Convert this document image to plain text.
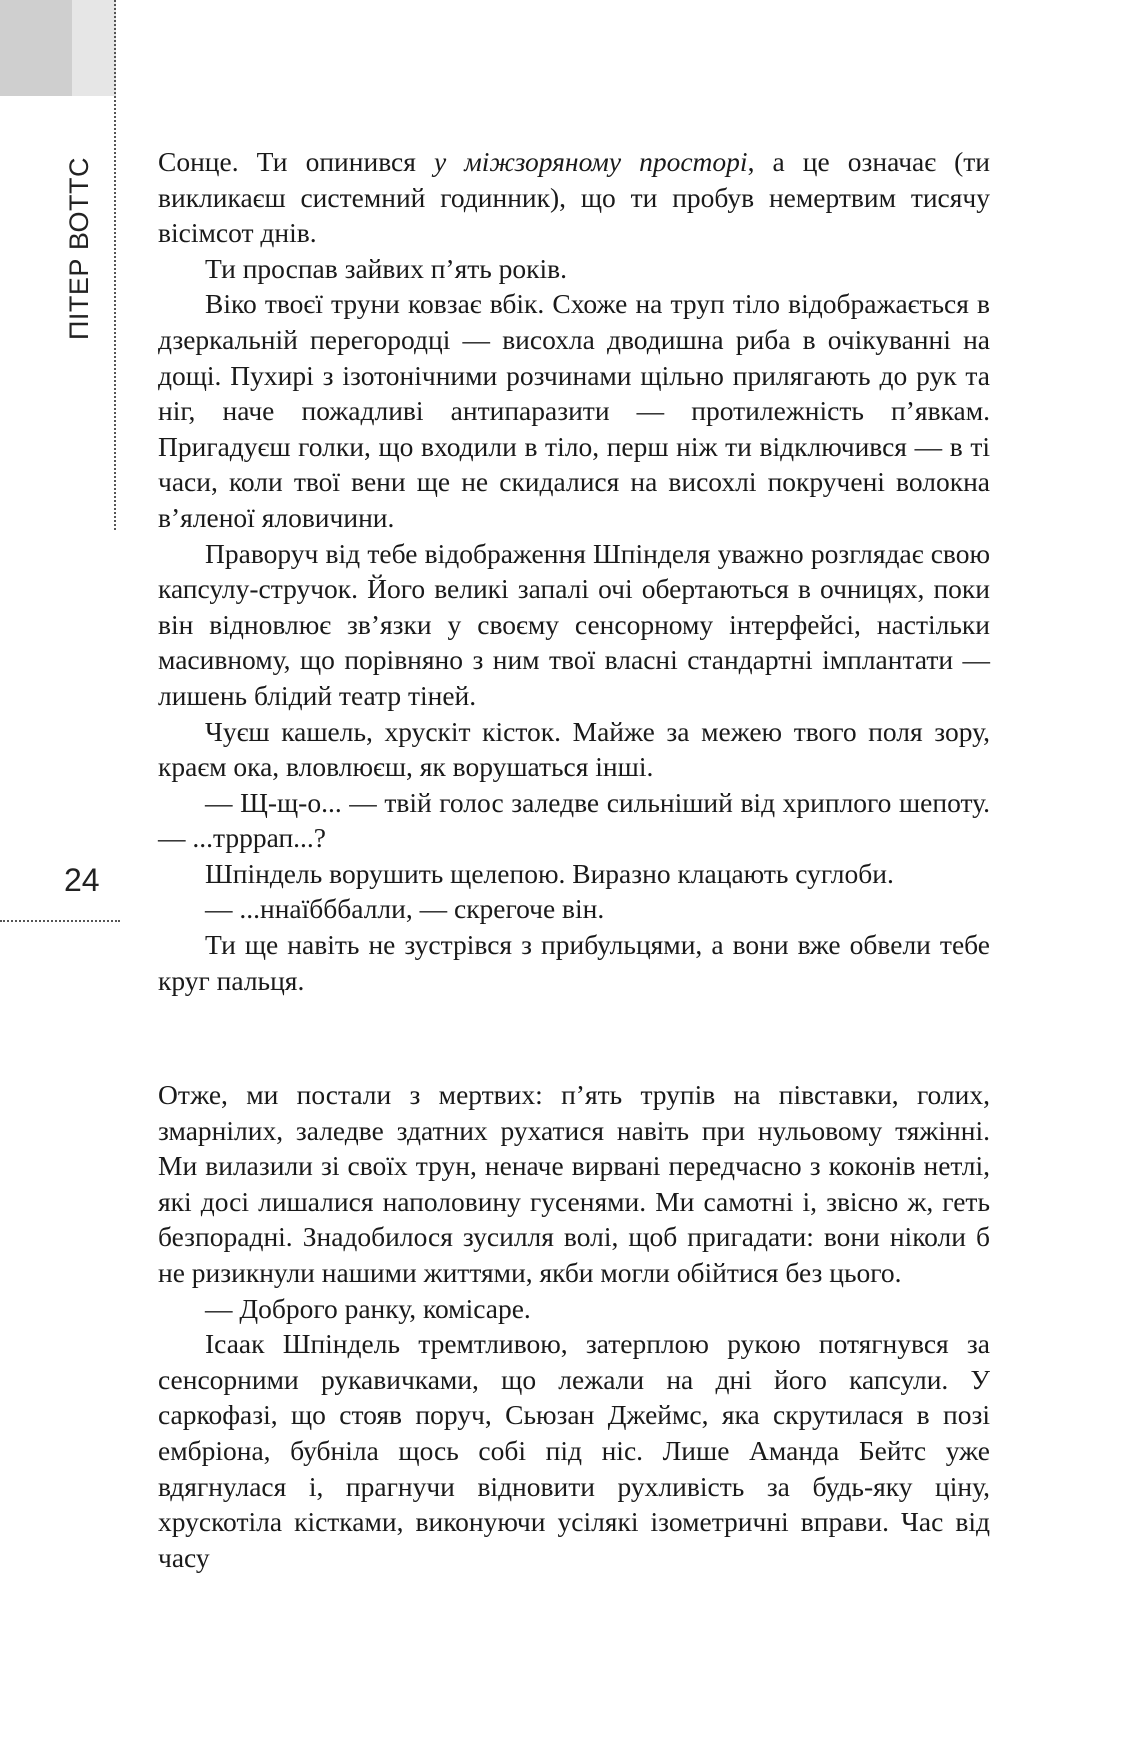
ПІТЕР ВОТТС
24

Сонце. Ти опинився у міжзоряному просторі, а це означає (ти викликаєш системний годинник), що ти пробув немертвим тисячу вісімсот днів.

Ти проспав зайвих п’ять років.

Віко твоєї труни ковзає вбік. Схоже на труп тіло відображається в дзеркальній перегородці — висохла дводишна риба в очікуванні на дощі. Пухирі з ізотонічними розчинами щільно прилягають до рук та ніг, наче пожадливі антипаразити — протилежність п’явкам. Пригадуєш голки, що входили в тіло, перш ніж ти відключився — в ті часи, коли твої вени ще не скидалися на висохлі покручені волокна в’яленої яловичини.

Праворуч від тебе відображення Шпінделя уважно розглядає свою капсулу-стручок. Його великі запалі очі обертаються в очницях, поки він відновлює зв’язки у своєму сенсорному інтерфейсі, настільки масивному, що порівняно з ним твої власні стандартні імплантати — лишень блідий театр тіней.

Чуєш кашель, хрускіт кісток. Майже за межею твого поля зору, краєм ока, вловлюєш, як ворушаться інші.

— Щ-щ-о... — твій голос заледве сильніший від хриплого шепоту. — ...трррап...?

Шпіндель ворушить щелепою. Виразно клацають суглоби.

— ...ннаїбббалли, — скрегоче він.

Ти ще навіть не зустрівся з прибульцями, а вони вже обвели тебе круг пальця.

Отже, ми постали з мертвих: п’ять трупів на півставки, голих, змарнілих, заледве здатних рухатися навіть при нульовому тяжінні. Ми вилазили зі своїх трун, неначе вирвані передчасно з коконів нетлі, які досі лишалися наполовину гусенями. Ми самотні і, звісно ж, геть безпорадні. Знадобилося зусилля волі, щоб пригадати: вони ніколи б не ризикнули нашими життями, якби могли обійтися без цього.

— Доброго ранку, комісаре.

Ісаак Шпіндель тремтливою, затерплою рукою потягнувся за сенсорними рукавичками, що лежали на дні його капсули. У саркофазі, що стояв поруч, Сьюзан Джеймс, яка скрутилася в позі ембріона, бубніла щось собі під ніс. Лише Аманда Бейтс уже вдягнулася і, прагнучи відновити рухливість за будь-яку ціну, хрускотіла кістками, виконуючи усілякі ізометричні вправи. Час від часу
